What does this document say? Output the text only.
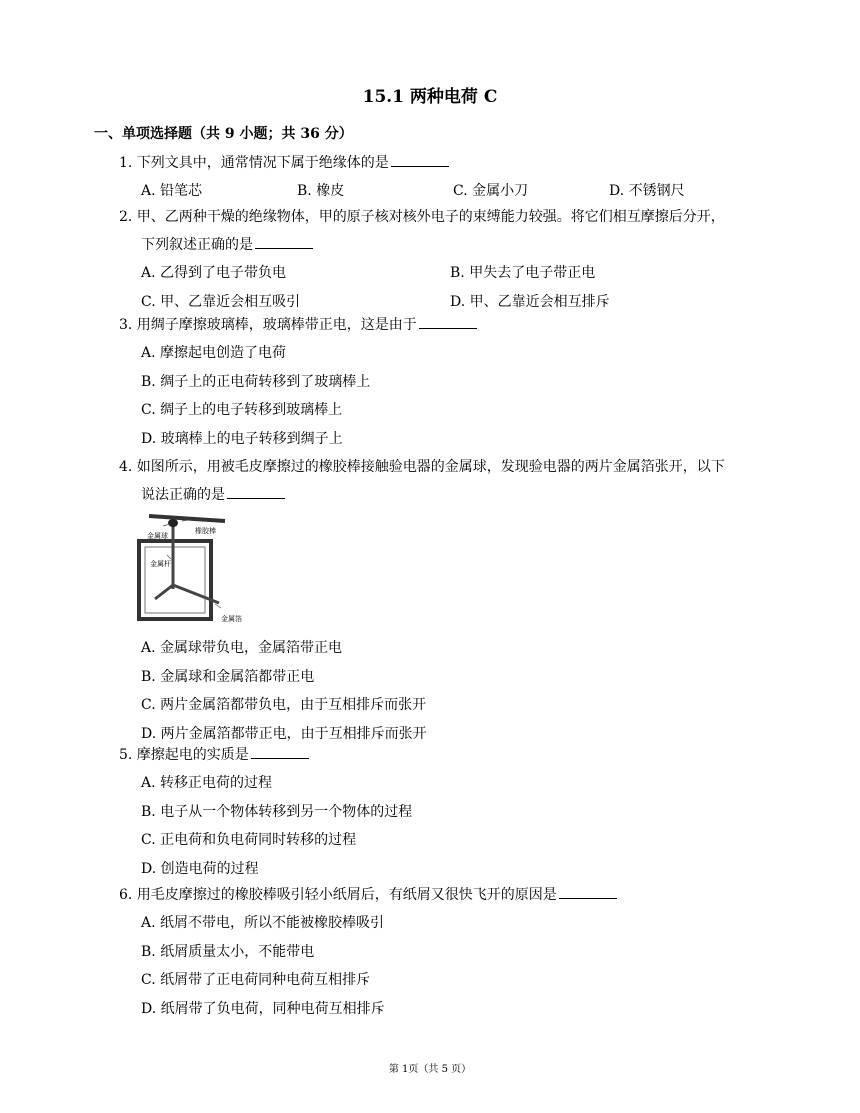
15.1 两种电荷 C
一、单项选择题（共 9 小题；共 36 分）
1. 下列文具中，通常情况下属于绝缘体的是
A. 铅笔芯	B. 橡皮	C. 金属小刀	D. 不锈钢尺
2. 甲、乙两种干燥的绝缘物体，甲的原子核对核外电子的束缚能力较强。将它们相互摩擦后分开，
下列叙述正确的是
A. 乙得到了电子带负电	B. 甲失去了电子带正电
C. 甲、乙靠近会相互吸引	D. 甲、乙靠近会相互排斥
3. 用绸子摩擦玻璃棒，玻璃棒带正电，这是由于
A. 摩擦起电创造了电荷
B. 绸子上的正电荷转移到了玻璃棒上
C. 绸子上的电子转移到玻璃棒上
D. 玻璃棒上的电子转移到绸子上
4. 如图所示，用被毛皮摩擦过的橡胶棒接触验电器的金属球，发现验电器的两片金属箔张开，以下
说法正确的是
金属球
橡胶棒
金属杆
金属箔
A. 金属球带负电，金属箔带正电
B. 金属球和金属箔都带正电
C. 两片金属箔都带负电，由于互相排斥而张开
D. 两片金属箔都带正电，由于互相排斥而张开
5. 摩擦起电的实质是
A. 转移正电荷的过程
B. 电子从一个物体转移到另一个物体的过程
C. 正电荷和负电荷同时转移的过程
D. 创造电荷的过程
6. 用毛皮摩擦过的橡胶棒吸引轻小纸屑后，有纸屑又很快飞开的原因是
A. 纸屑不带电，所以不能被橡胶棒吸引
B. 纸屑质量太小，不能带电
C. 纸屑带了正电荷同种电荷互相排斥
D. 纸屑带了负电荷，同种电荷互相排斥
第 1页（共 5 页）
